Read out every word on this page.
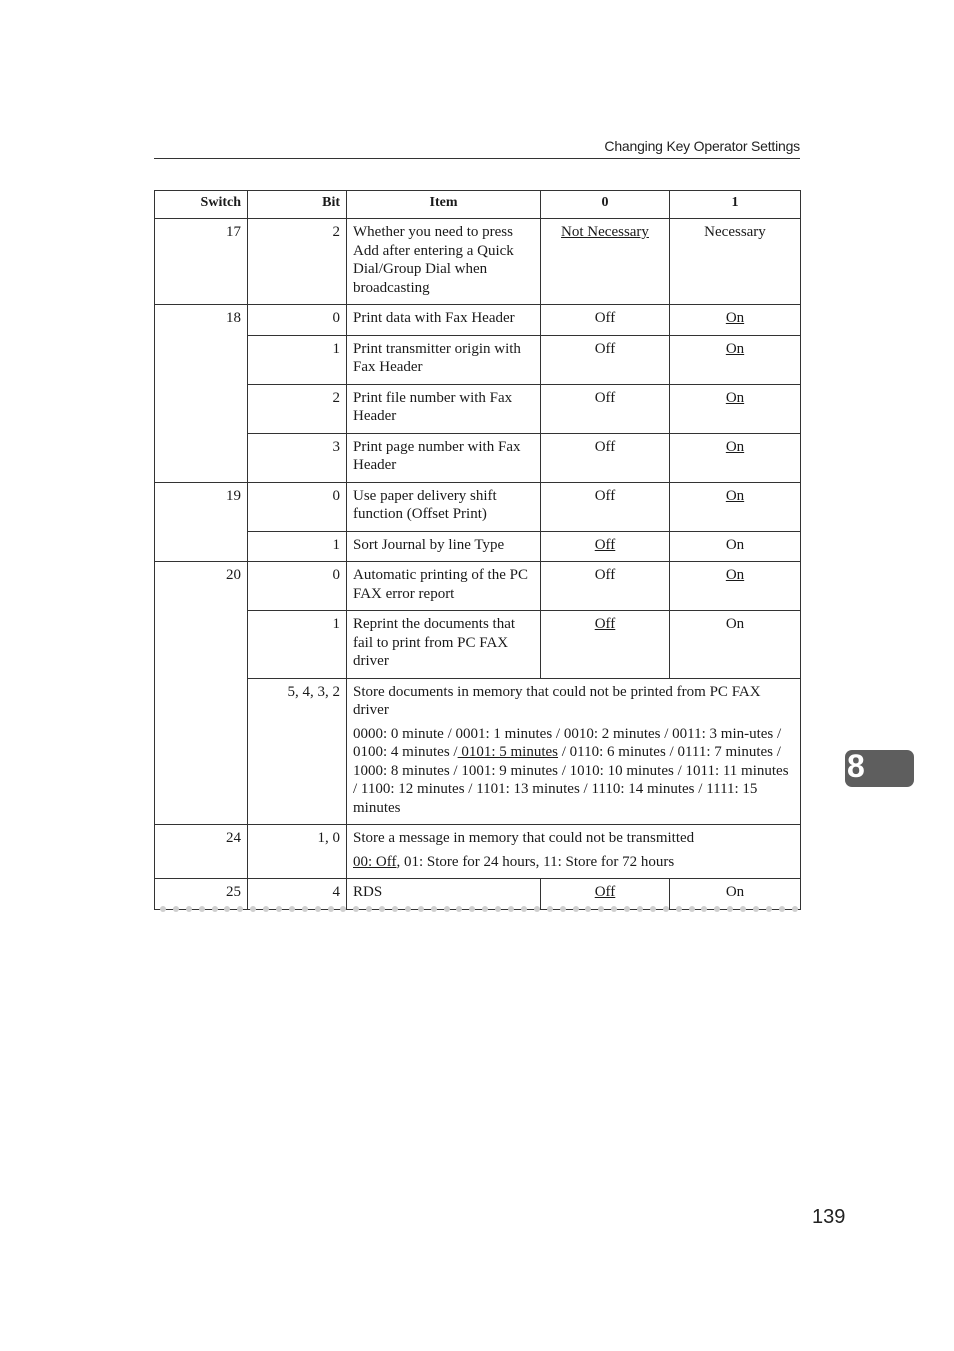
Changing Key Operator Settings
Switch	Bit	Item	0	1
17	2	Whether you need to press Add after entering a Quick Dial/Group Dial when broadcasting	Not Necessary	Necessary
18	0	Print data with Fax Header	Off	On
	1	Print transmitter origin with Fax Header	Off	On
	2	Print file number with Fax Header	Off	On
	3	Print page number with Fax Header	Off	On
19	0	Use paper delivery shift function (Offset Print)	Off	On
	1	Sort Journal by line Type	Off	On
20	0	Automatic printing of the PC FAX error report	Off	On
	1	Reprint the documents that fail to print from PC FAX driver	Off	On
	5, 4, 3, 2	Store documents in memory that could not be printed from PC FAX driver
0000: 0 minute / 0001: 1 minutes / 0010: 2 minutes / 0011: 3 min-utes / 0100: 4 minutes / 0101: 5 minutes / 0110: 6 minutes / 0111: 7 minutes / 1000: 8 minutes / 1001: 9 minutes / 1010: 10 minutes / 1011: 11 minutes / 1100: 12 minutes / 1101: 13 minutes / 1110: 14 minutes / 1111: 15 minutes		

24	1, 0	Store a message in memory that could not be transmitted
00: Off, 01: Store for 24 hours, 11: Store for 72 hours		

25	4	RDS	Off	On
8
139
